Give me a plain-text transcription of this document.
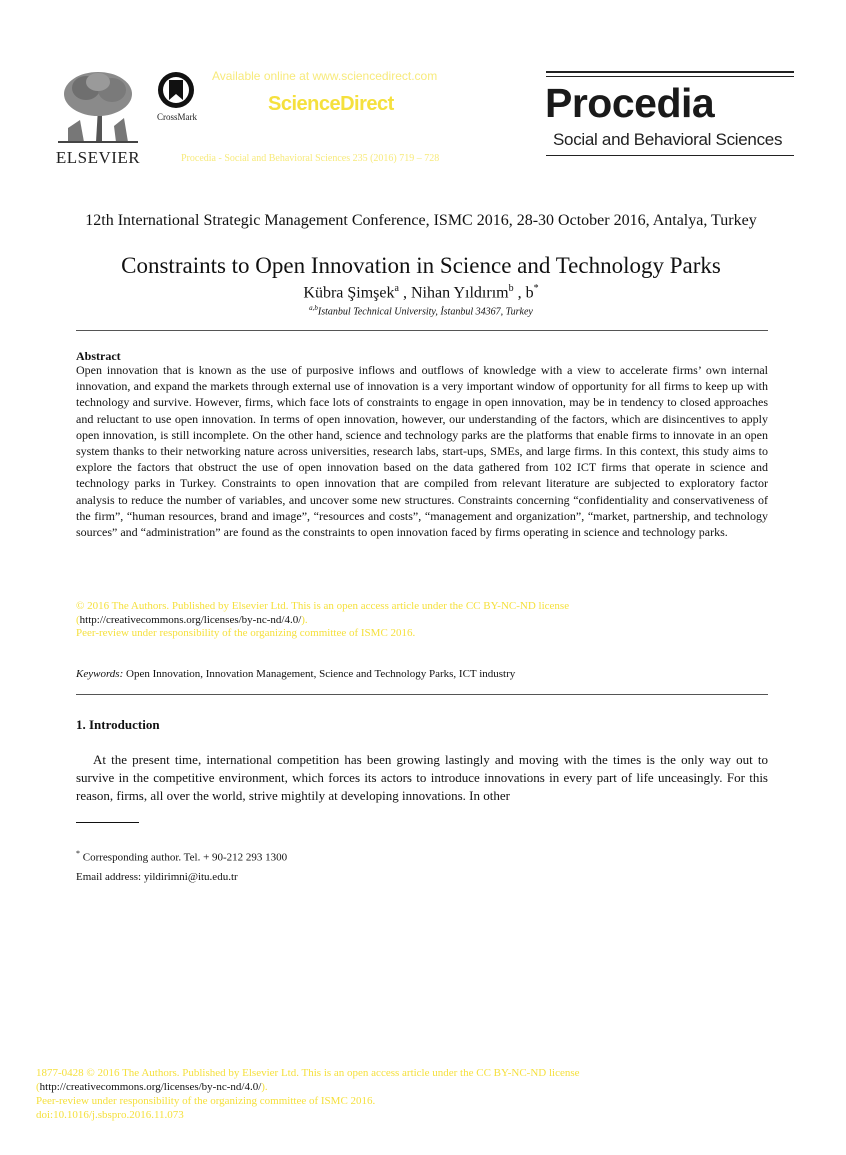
ELSEVIER
CrossMark
Available online at www.sciencedirect.com
ScienceDirect
Procedia - Social and Behavioral Sciences 235 (2016) 719 – 728
Procedia
Social and Behavioral Sciences
12th International Strategic Management Conference, ISMC 2016, 28-30 October 2016, Antalya, Turkey
Constraints to Open Innovation in Science and Technology Parks
Kübra Şimşek$^a$ , Nihan Yıldırım$^b$ , b*
$^{a,b}$Istanbul Technical University, İstanbul 34367, Turkey
Abstract
Open innovation that is known as the use of purposive inflows and outflows of knowledge with a view to accelerate firms’ own internal innovation, and expand the markets through external use of innovation is a very important window of opportunity for all firms to keep up with technology and survive. However, firms, which face lots of constraints to engage in open innovation, may be in tendency to closed approaches and reluctant to use open innovation. In terms of open innovation, however, our understanding of the factors, which are disincentives to apply open innovation, is still incomplete. On the other hand, science and technology parks are the platforms that enable firms to innovate in an open system thanks to their networking nature across universities, research labs, start-ups, SMEs, and large firms. In this context, this study aims to explore the factors that obstruct the use of open innovation based on the data gathered from 102 ICT firms that operate in science and technology parks in Turkey. Constraints to open innovation that are compiled from relevant literature are subjected to exploratory factor analysis to reduce the number of variables, and uncover some new structures. Constraints concerning “confidentiality and conservativeness of the firm”, “human resources, brand and image”, “resources and costs”, “management and organization”, “market, partnership, and technology sources” and “administration” are found as the constraints to open innovation faced by firms operating in science and technology parks.
© 2016 The Authors. Published by Elsevier Ltd. This is an open access article under the CC BY-NC-ND license
(http://creativecommons.org/licenses/by-nc-nd/4.0/).
Peer-review under responsibility of the organizing committee of ISMC 2016.
Keywords: Open Innovation, Innovation Management, Science and Technology Parks, ICT industry
1. Introduction
At the present time, international competition has been growing lastingly and moving with the times is the only way out to survive in the competitive environment, which forces its actors to introduce innovations in every part of life unceasingly. For this reason, firms, all over the world, strive mightily at developing innovations. In other
* Corresponding author. Tel. + 90-212 293 1300
Email address: yildirimni@itu.edu.tr
1877-0428 © 2016 The Authors. Published by Elsevier Ltd. This is an open access article under the CC BY-NC-ND license
(http://creativecommons.org/licenses/by-nc-nd/4.0/).
Peer-review under responsibility of the organizing committee of ISMC 2016.
doi:10.1016/j.sbspro.2016.11.073
